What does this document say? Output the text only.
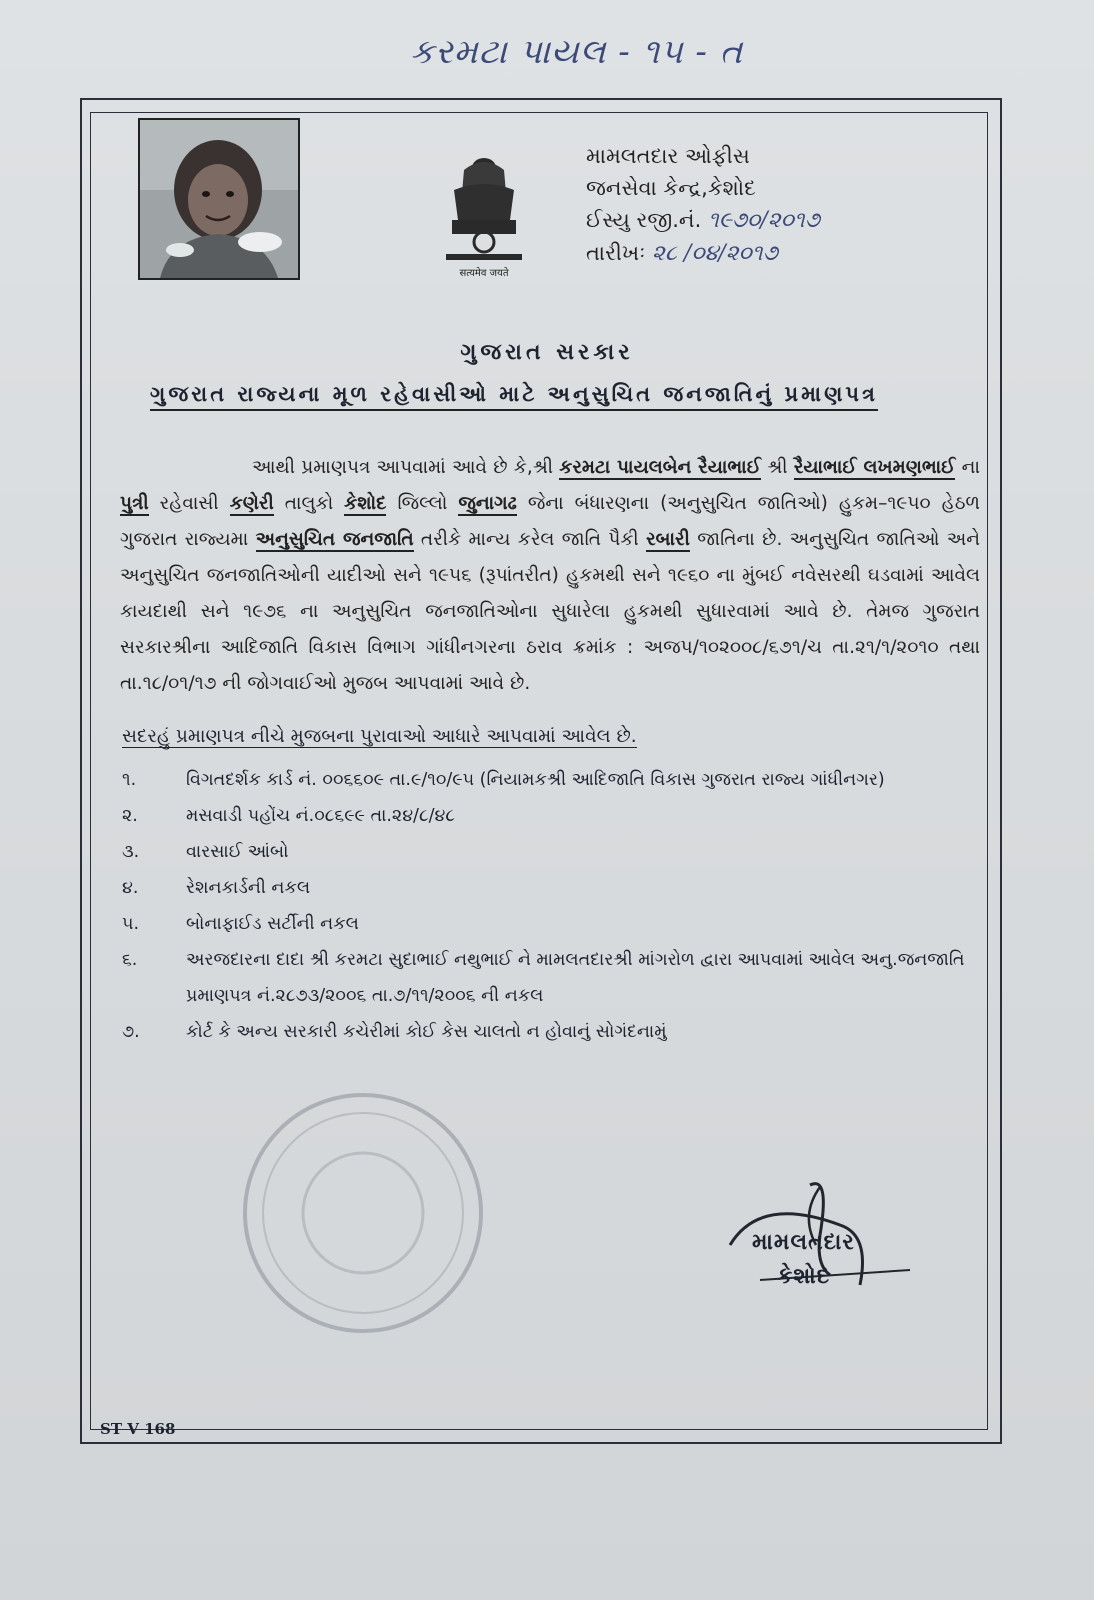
કરમટા પાયલ - ૧૫ - ત
सत्यमेव जयते
મામલતદાર ઓફીસ
જનસેવા કેન્દ્ર,કેશોદ
ઈસ્યુ રજી.નં. ૧૯૭૦/૨૦૧૭
તારીખઃ ૨૮ /૦૪/૨૦૧૭
ગુજરાત સરકાર
ગુજરાત રાજ્યના મૂળ રહેવાસીઓ માટે અનુસુચિત જનજાતિનું પ્રમાણપત્ર

આથી પ્રમાણપત્ર આપવામાં આવે છે કે,શ્રી કરમટા પાયલબેન રૈયાભાઈ શ્રી રૈયાભાઈ લખમણભાઈ ના પુત્રી રહેવાસી કણેરી તાલુકો કેશોદ જિલ્લો જુનાગઢ જેના બંધારણના (અનુસુચિત જાતિઓ) હુકમ–૧૯૫૦ હેઠળ ગુજરાત રાજ્યમા અનુસુચિત જનજાતિ તરીકે માન્ય કરેલ જાતિ પૈકી રબારી જાતિના છે. અનુસુચિત જાતિઓ અને અનુસુચિત જનજાતિઓની યાદીઓ સને ૧૯૫૬ (રૂપાંતરીત) હુકમથી સને ૧૯૬૦ ના મુંબઈ નવેસરથી ઘડવામાં આવેલ કાયદાથી સને ૧૯૭૬ ના અનુસુચિત જનજાતિઓના સુધારેલા હુકમથી સુધારવામાં આવે છે. તેમજ ગુજરાત સરકારશ્રીના આદિજાતિ વિકાસ વિભાગ ગાંધીનગરના ઠરાવ ક્રમાંક : અજપ/૧૦૨૦૦૮/૬૭૧/ચ તા.૨૧/૧/૨૦૧૦ તથા તા.૧૮/૦૧/૧૭ ની જોગવાઈઓ મુજબ આપવામાં આવે છે.

સદરહું પ્રમાણપત્ર નીચે મુજબના પુરાવાઓ આધારે આપવામાં આવેલ છે.
૧.	વિગતદર્શક કાર્ડ નં. ૦૦૬૬૦૯ તા.૯/૧૦/૯૫ (નિયામકશ્રી આદિજાતિ વિકાસ ગુજરાત રાજ્ય ગાંધીનગર)
૨.	મસવાડી પહોંચ નં.૦૮૬૯૯ તા.૨૪/૮/૪૮
૩.	વારસાઈ આંબો
૪.	રેશનકાર્ડની નકલ
૫.	બોનાફાઈડ સર્ટીની નકલ
૬.	અરજદારના દાદા શ્રી કરમટા સુદાભાઈ નથુભાઈ ને મામલતદારશ્રી માંગરોળ દ્વારા આપવામાં આવેલ અનુ.જનજાતિ પ્રમાણપત્ર નં.૨૮૭૩/૨૦૦૬ તા.૭/૧૧/૨૦૦૬ ની નકલ
૭.	કોર્ટ કે અન્ય સરકારી કચેરીમાં કોઈ કેસ ચાલતો ન હોવાનું સોગંદનામું
મામલતદાર
કેશોદ
ST V 168
